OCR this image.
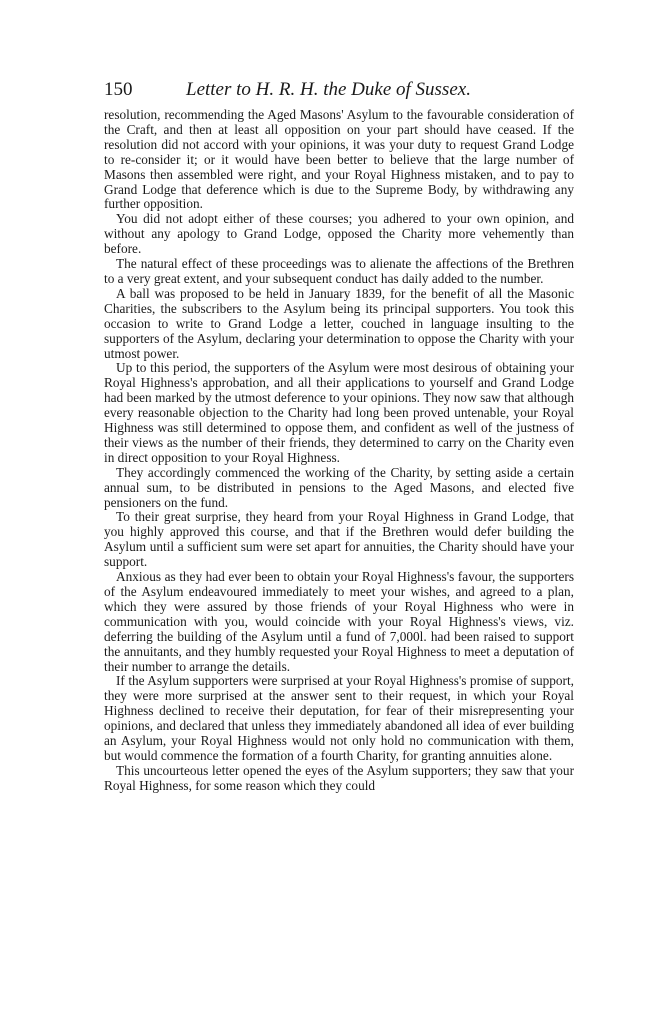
150	Letter to H. R. H. the Duke of Sussex.

resolution, recommending the Aged Masons' Asylum to the favourable consideration of the Craft, and then at least all opposition on your part should have ceased. If the resolution did not accord with your opinions, it was your duty to request Grand Lodge to re-consider it; or it would have been better to believe that the large number of Masons then assembled were right, and your Royal Highness mistaken, and to pay to Grand Lodge that deference which is due to the Supreme Body, by withdrawing any further opposition.

You did not adopt either of these courses; you adhered to your own opinion, and without any apology to Grand Lodge, opposed the Charity more vehemently than before.

The natural effect of these proceedings was to alienate the affections of the Brethren to a very great extent, and your subsequent conduct has daily added to the number.

A ball was proposed to be held in January 1839, for the benefit of all the Masonic Charities, the subscribers to the Asylum being its principal supporters. You took this occasion to write to Grand Lodge a letter, couched in language insulting to the supporters of the Asylum, declaring your determination to oppose the Charity with your utmost power.

Up to this period, the supporters of the Asylum were most desirous of obtaining your Royal Highness's approbation, and all their applications to yourself and Grand Lodge had been marked by the utmost deference to your opinions. They now saw that although every reasonable objection to the Charity had long been proved untenable, your Royal Highness was still determined to oppose them, and confident as well of the justness of their views as the number of their friends, they determined to carry on the Charity even in direct opposition to your Royal Highness.

They accordingly commenced the working of the Charity, by setting aside a certain annual sum, to be distributed in pensions to the Aged Masons, and elected five pensioners on the fund.

To their great surprise, they heard from your Royal Highness in Grand Lodge, that you highly approved this course, and that if the Brethren would defer building the Asylum until a sufficient sum were set apart for annuities, the Charity should have your support.

Anxious as they had ever been to obtain your Royal Highness's favour, the supporters of the Asylum endeavoured immediately to meet your wishes, and agreed to a plan, which they were assured by those friends of your Royal Highness who were in communication with you, would coincide with your Royal Highness's views, viz. deferring the building of the Asylum until a fund of 7,000l. had been raised to support the annuitants, and they humbly requested your Royal Highness to meet a deputation of their number to arrange the details.

If the Asylum supporters were surprised at your Royal Highness's promise of support, they were more surprised at the answer sent to their request, in which your Royal Highness declined to receive their deputation, for fear of their misrepresenting your opinions, and declared that unless they immediately abandoned all idea of ever building an Asylum, your Royal Highness would not only hold no communication with them, but would commence the formation of a fourth Charity, for granting annuities alone.

This uncourteous letter opened the eyes of the Asylum supporters; they saw that your Royal Highness, for some reason which they could
